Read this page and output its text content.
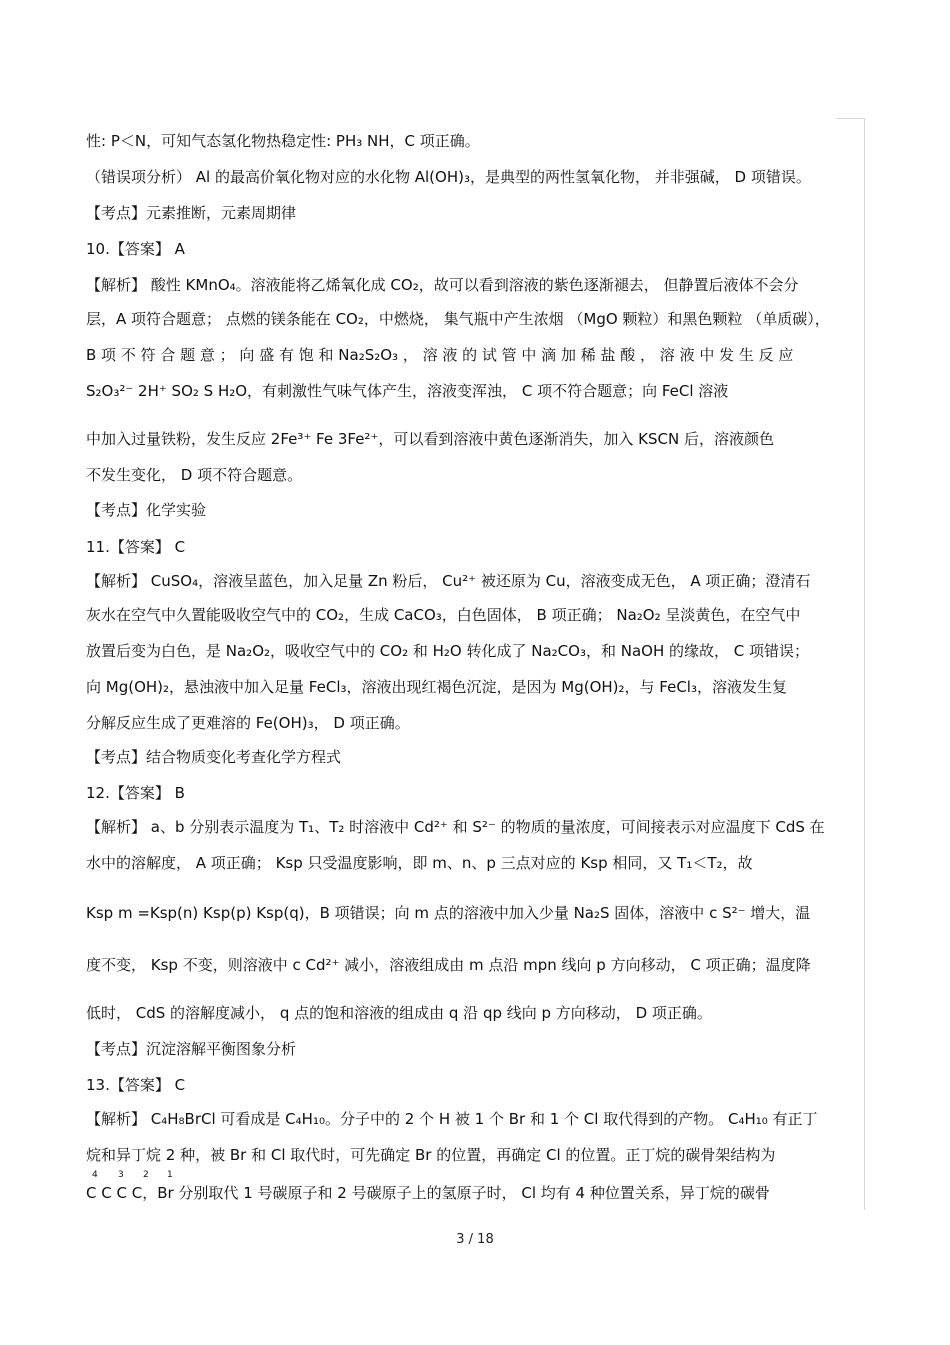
性: P＜N，可知气态氢化物热稳定性: PH₃ NH，C 项正确。
（错误项分析） Al 的最高价氧化物对应的水化物 Al(OH)₃，是典型的两性氢氧化物， 并非强碱， D 项错误。
【考点】元素推断，元素周期律
10.【答案】 A
【解析】 酸性 KMnO₄。溶液能将乙烯氧化成 CO₂，故可以看到溶液的紫色逐渐褪去， 但静置后液体不会分
层，A 项符合题意； 点燃的镁条能在 CO₂，中燃烧， 集气瓶中产生浓烟 （MgO 颗粒）和黑色颗粒 （单质碳），
B 项 不 符 合 题 意 ； 向 盛 有 饱 和 Na₂S₂O₃ ， 溶 液 的 试 管 中 滴 加 稀 盐 酸 ， 溶 液 中 发 生 反 应
S₂O₃²⁻ 2H⁺ SO₂ S H₂O，有刺激性气味气体产生，溶液变浑浊， C 项不符合题意；向 FeCl 溶液
中加入过量铁粉，发生反应 2Fe³⁺ Fe 3Fe²⁺，可以看到溶液中黄色逐渐消失，加入 KSCN 后，溶液颜色
不发生变化， D 项不符合题意。
【考点】化学实验
11.【答案】 C
【解析】 CuSO₄，溶液呈蓝色，加入足量 Zn 粉后， Cu²⁺ 被还原为 Cu，溶液变成无色， A 项正确；澄清石
灰水在空气中久置能吸收空气中的 CO₂，生成 CaCO₃，白色固体， B 项正确； Na₂O₂ 呈淡黄色，在空气中
放置后变为白色，是 Na₂O₂，吸收空气中的 CO₂ 和 H₂O 转化成了 Na₂CO₃，和 NaOH 的缘故， C 项错误；
向 Mg(OH)₂，悬浊液中加入足量 FeCl₃，溶液出现红褐色沉淀，是因为 Mg(OH)₂，与 FeCl₃，溶液发生复
分解反应生成了更难溶的 Fe(OH)₃， D 项正确。
【考点】结合物质变化考查化学方程式
12.【答案】 B
【解析】 a、b 分别表示温度为 T₁、T₂ 时溶液中 Cd²⁺ 和 S²⁻ 的物质的量浓度，可间接表示对应温度下 CdS 在
水中的溶解度， A 项正确； Ksp 只受温度影响，即 m、n、p 三点对应的 Ksp 相同，又 T₁＜T₂，故
Ksp m =Ksp(n) Ksp(p) Ksp(q)，B 项错误；向 m 点的溶液中加入少量 Na₂S 固体，溶液中 c S²⁻ 增大，温
度不变， Ksp 不变，则溶液中 c Cd²⁺ 减小，溶液组成由 m 点沿 mpn 线向 p 方向移动， C 项正确；温度降
低时， CdS 的溶解度减小， q 点的饱和溶液的组成由 q 沿 qp 线向 p 方向移动， D 项正确。
【考点】沉淀溶解平衡图象分析
13.【答案】 C
【解析】 C₄H₈BrCl 可看成是 C₄H₁₀。分子中的 2 个 H 被 1 个 Br 和 1 个 Cl 取代得到的产物。 C₄H₁₀ 有正丁
烷和异丁烷 2 种，被 Br 和 Cl 取代时，可先确定 Br 的位置，再确定 Cl 的位置。正丁烷的碳骨架结构为
4 3 2 1
C C C C，Br 分别取代 1 号碳原子和 2 号碳原子上的氢原子时， Cl 均有 4 种位置关系，异丁烷的碳骨
3 / 18
